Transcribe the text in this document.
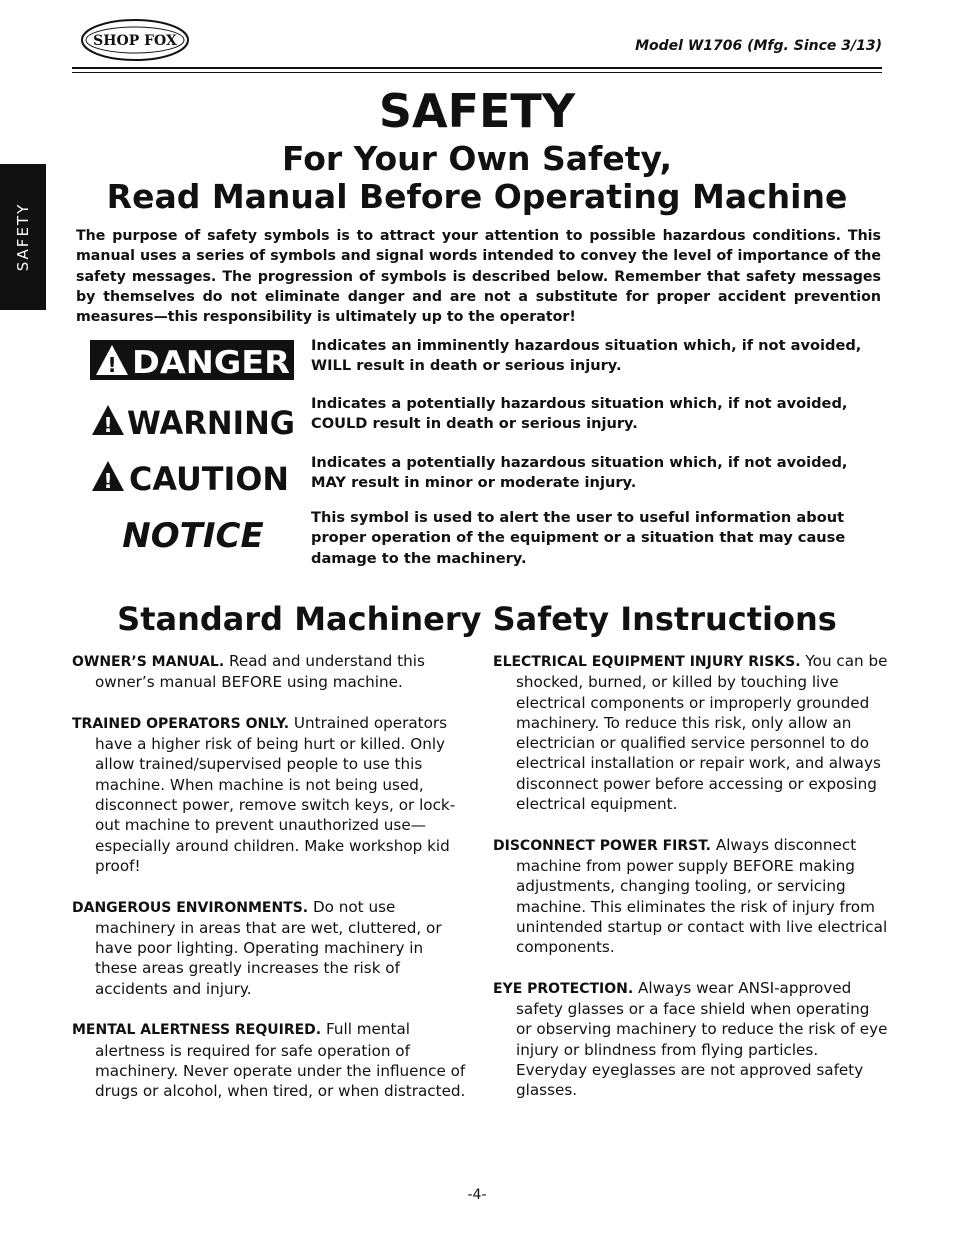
SHOP FOX	Model W1706 (Mfg. Since 3/13)
SAFETY
SAFETY
For Your Own Safety,
Read Manual Before Operating Machine
The purpose of safety symbols is to attract your attention to possible hazardous conditions. This manual uses a series of symbols and signal words intended to convey the level of importance of the safety messages. The progression of symbols is described below. Remember that safety messages by themselves do not eliminate danger and are not a substitute for proper accident prevention measures—this responsibility is ultimately up to the operator!
! DANGER Indicates an imminently hazardous situation which, if not avoided, WILL result in death or serious injury.
! WARNING
Indicates a potentially hazardous situation which, if not avoided, COULD result in death or serious injury.
! CAUTION Indicates a potentially hazardous situation which, if not avoided, MAY result in minor or moderate injury.
NOTICE	This symbol is used to alert the user to useful information about proper operation of the equipment or a situation that may cause damage to the machinery.
Standard Machinery Safety Instructions

OWNER’S MANUAL. Read and understand this owner’s manual BEFORE using machine.

TRAINED OPERATORS ONLY. Untrained operators have a higher risk of being hurt or killed. Only allow trained/supervised people to use this machine. When machine is not being used, disconnect power, remove switch keys, or lock-out machine to prevent unauthorized use—especially around children. Make workshop kid proof!

DANGEROUS ENVIRONMENTS. Do not use machinery in areas that are wet, cluttered, or have poor lighting. Operating machinery in these areas greatly increases the risk of accidents and injury.

MENTAL ALERTNESS REQUIRED. Full mental alertness is required for safe operation of machinery. Never operate under the influence of drugs or alcohol, when tired, or when distracted.

ELECTRICAL EQUIPMENT INJURY RISKS. You can be shocked, burned, or killed by touching live electrical components or improperly grounded machinery. To reduce this risk, only allow an electrician or qualified service personnel to do electrical installation or repair work, and always disconnect power before accessing or exposing electrical equipment.

DISCONNECT POWER FIRST. Always disconnect machine from power supply BEFORE making adjustments, changing tooling, or servicing machine. This eliminates the risk of injury from unintended startup or contact with live electrical components.

EYE PROTECTION. Always wear ANSI-approved safety glasses or a face shield when operating or observing machinery to reduce the risk of eye injury or blindness from flying particles. Everyday eyeglasses are not approved safety glasses.

-4-
